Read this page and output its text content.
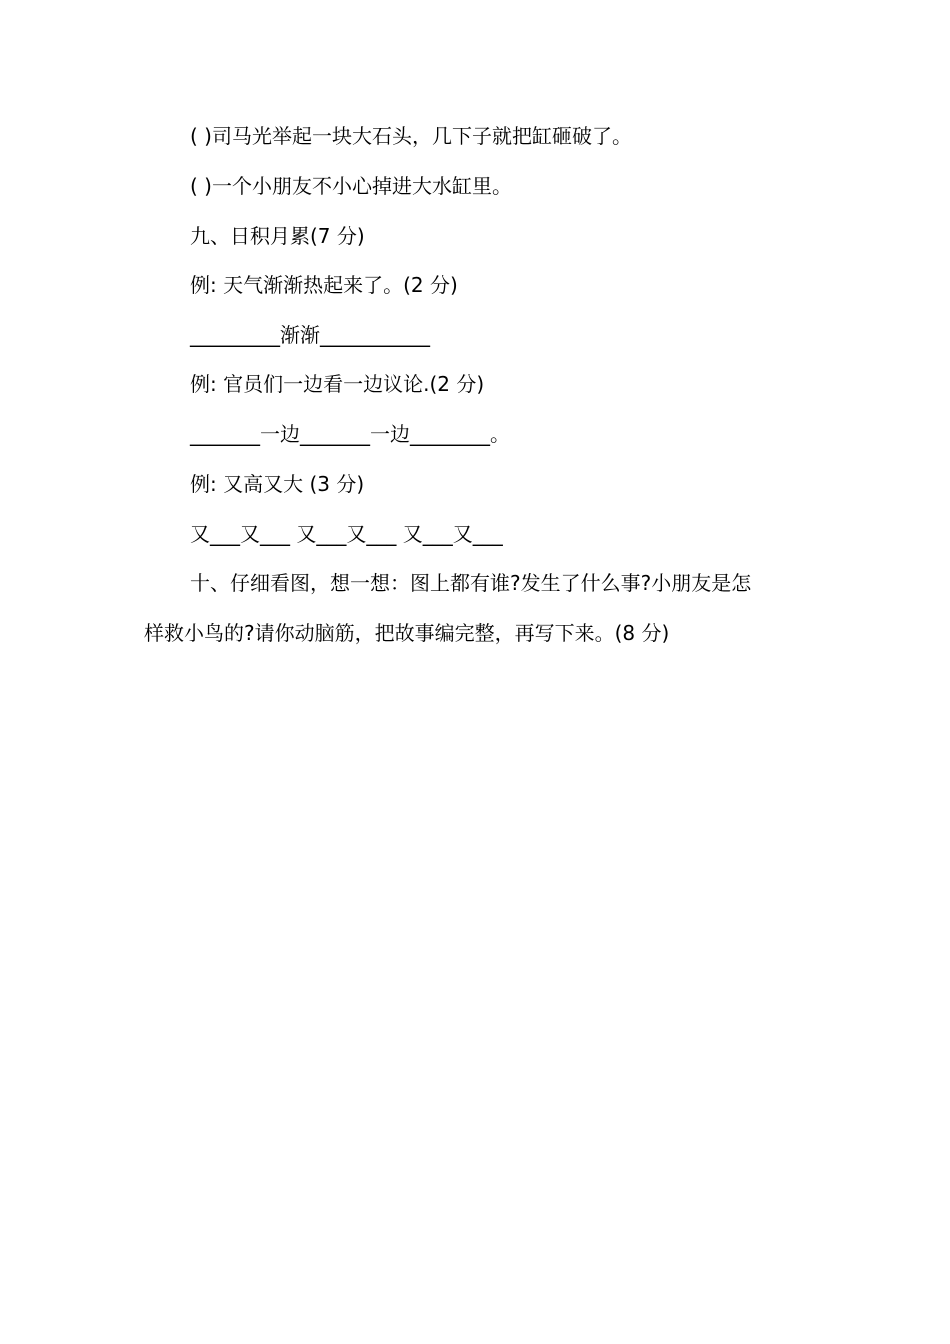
( )司马光举起一块大石头，几下子就把缸砸破了。
( )一个小朋友不小心掉进大水缸里。
九、日积月累(7 分)
例: 天气渐渐热起来了。(2 分)
_________渐渐___________
例: 官员们一边看一边议论.(2 分)
_______一边_______一边________。
例: 又高又大 (3 分)
又___又___ 又___又___ 又___又___
十、仔细看图，想一想：图上都有谁?发生了什么事?小朋友是怎
样救小鸟的?请你动脑筋，把故事编完整，再写下来。(8 分)
